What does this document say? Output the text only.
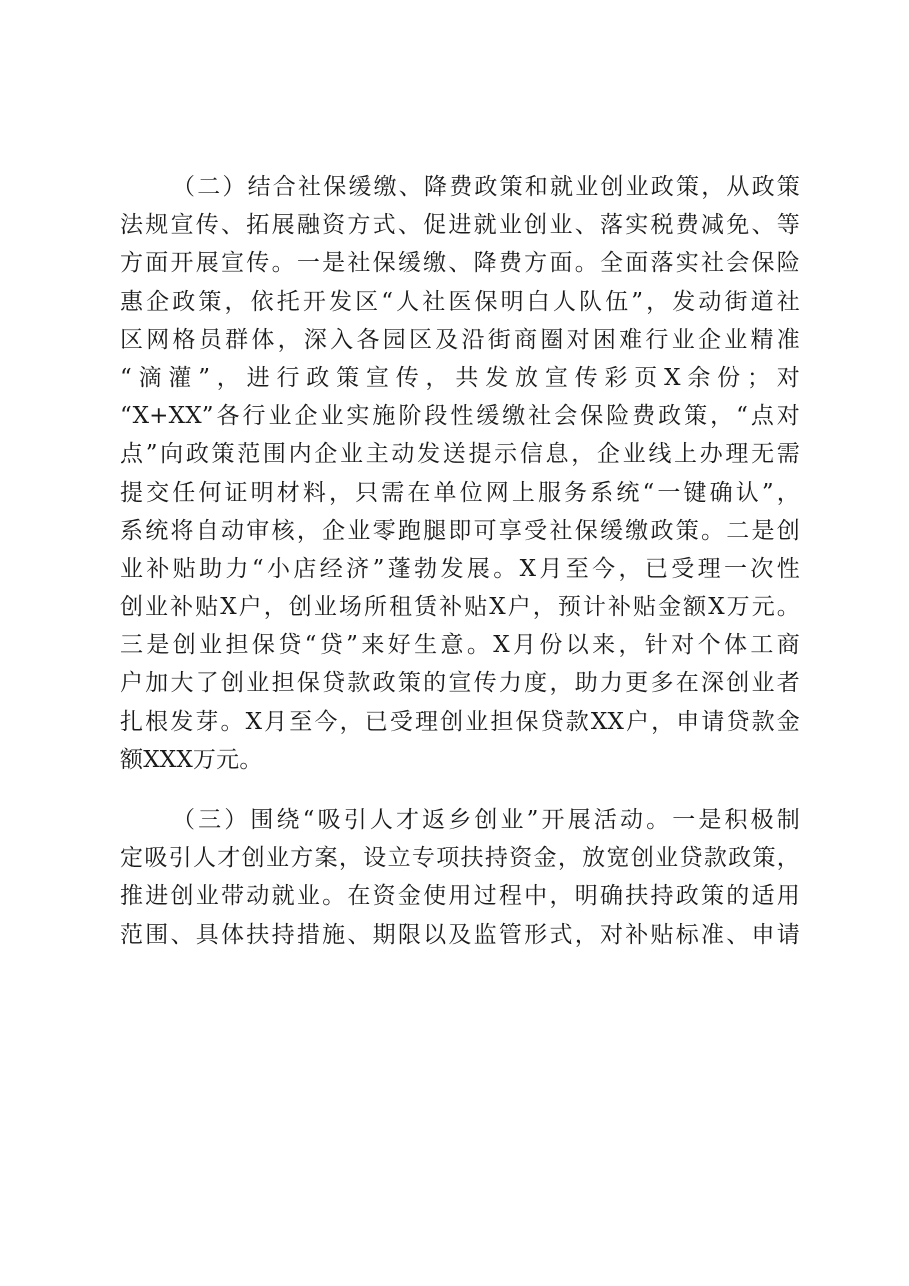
（二）结合社保缓缴、降费政策和就业创业政策，从政策
法规宣传、拓展融资方式、促进就业创业、落实税费减免、等
方面开展宣传。一是社保缓缴、降费方面。全面落实社会保险
惠企政策，依托开发区“人社医保明白人队伍”，发动街道社
区网格员群体，深入各园区及沿街商圈对困难行业企业精准
“滴灌”，进行政策宣传，共发放宣传彩页X余份；对
“X+XX”各行业企业实施阶段性缓缴社会保险费政策，“点对
点”向政策范围内企业主动发送提示信息，企业线上办理无需
提交任何证明材料，只需在单位网上服务系统“一键确认”，
系统将自动审核，企业零跑腿即可享受社保缓缴政策。二是创
业补贴助力“小店经济”蓬勃发展。X月至今，已受理一次性
创业补贴X户，创业场所租赁补贴X户，预计补贴金额X万元。
三是创业担保贷“贷”来好生意。X月份以来，针对个体工商
户加大了创业担保贷款政策的宣传力度，助力更多在深创业者
扎根发芽。X月至今，已受理创业担保贷款XX户，申请贷款金
额XXX万元。
（三）围绕“吸引人才返乡创业”开展活动。一是积极制
定吸引人才创业方案，设立专项扶持资金，放宽创业贷款政策，
推进创业带动就业。在资金使用过程中，明确扶持政策的适用
范围、具体扶持措施、期限以及监管形式，对补贴标准、申请
